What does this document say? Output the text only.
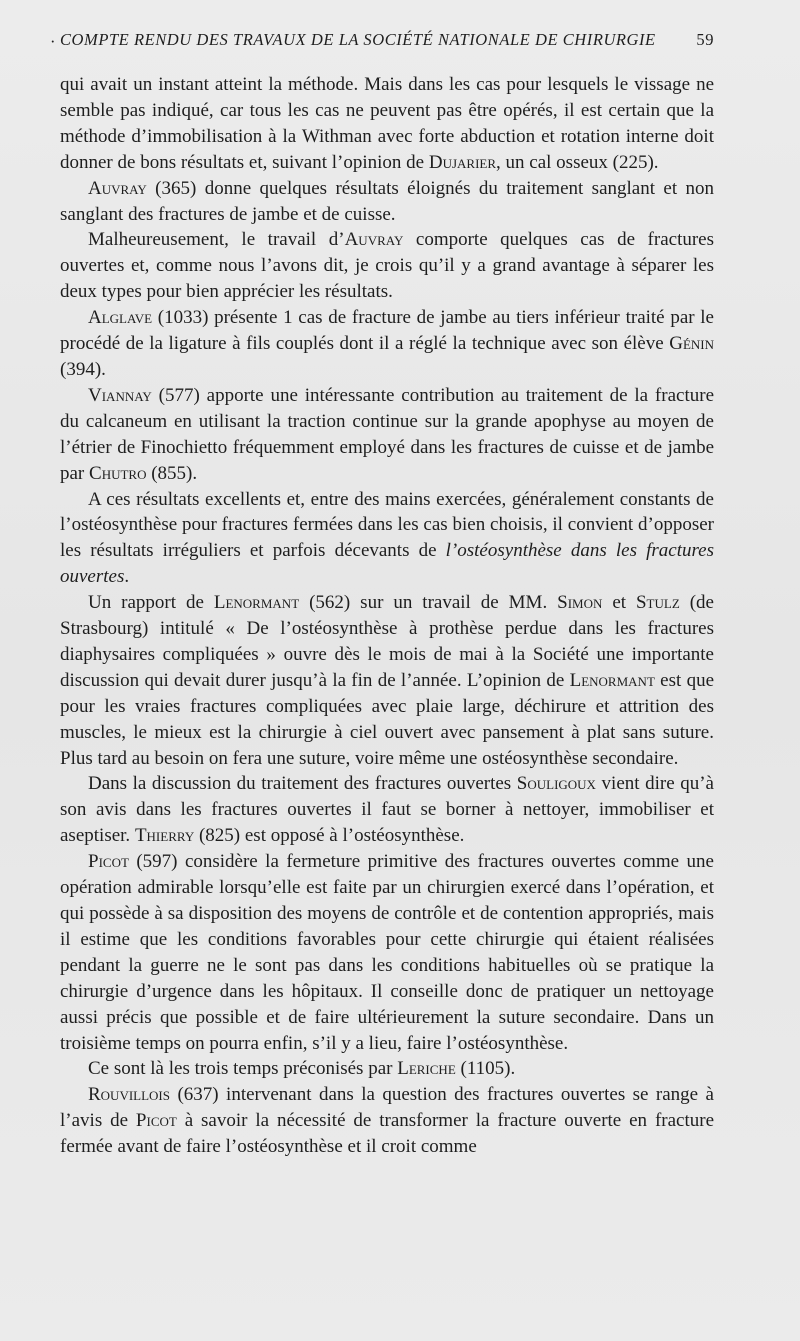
· COMPTE RENDU DES TRAVAUX DE LA SOCIÉTÉ NATIONALE DE CHIRURGIE 59

qui avait un instant atteint la méthode. Mais dans les cas pour lesquels le vissage ne semble pas indiqué, car tous les cas ne peuvent pas être opérés, il est certain que la méthode d’immobilisation à la Withman avec forte abduction et rotation interne doit donner de bons résultats et, suivant l’opinion de Dujarier, un cal osseux (225).

Auvray (365) donne quelques résultats éloignés du traitement sanglant et non sanglant des fractures de jambe et de cuisse.

Malheureusement, le travail d’Auvray comporte quelques cas de fractures ouvertes et, comme nous l’avons dit, je crois qu’il y a grand avantage à séparer les deux types pour bien apprécier les résultats.

Alglave (1033) présente 1 cas de fracture de jambe au tiers inférieur traité par le procédé de la ligature à fils couplés dont il a réglé la technique avec son élève Génin (394).

Viannay (577) apporte une intéressante contribution au traitement de la fracture du calcaneum en utilisant la traction continue sur la grande apophyse au moyen de l’étrier de Finochietto fréquemment employé dans les fractures de cuisse et de jambe par Chutro (855).

A ces résultats excellents et, entre des mains exercées, généralement constants de l’ostéosynthèse pour fractures fermées dans les cas bien choisis, il convient d’opposer les résultats irréguliers et parfois décevants de l’ostéosynthèse dans les fractures ouvertes.

Un rapport de Lenormant (562) sur un travail de MM. Simon et Stulz (de Strasbourg) intitulé « De l’ostéosynthèse à prothèse perdue dans les fractures diaphysaires compliquées » ouvre dès le mois de mai à la Société une importante discussion qui devait durer jusqu’à la fin de l’année. L’opinion de Lenormant est que pour les vraies fractures compliquées avec plaie large, déchirure et attrition des muscles, le mieux est la chirurgie à ciel ouvert avec pansement à plat sans suture. Plus tard au besoin on fera une suture, voire même une ostéosynthèse secondaire.

Dans la discussion du traitement des fractures ouvertes Souligoux vient dire qu’à son avis dans les fractures ouvertes il faut se borner à nettoyer, immobiliser et aseptiser. Thierry (825) est opposé à l’ostéosynthèse.

Picot (597) considère la fermeture primitive des fractures ouvertes comme une opération admirable lorsqu’elle est faite par un chirurgien exercé dans l’opération, et qui possède à sa disposition des moyens de contrôle et de contention appropriés, mais il estime que les conditions favorables pour cette chirurgie qui étaient réalisées pendant la guerre ne le sont pas dans les conditions habituelles où se pratique la chirurgie d’urgence dans les hôpitaux. Il conseille donc de pratiquer un nettoyage aussi précis que possible et de faire ultérieurement la suture secondaire. Dans un troisième temps on pourra enfin, s’il y a lieu, faire l’ostéosynthèse.

Ce sont là les trois temps préconisés par Leriche (1105).

Rouvillois (637) intervenant dans la question des fractures ouvertes se range à l’avis de Picot à savoir la nécessité de transformer la fracture ouverte en fracture fermée avant de faire l’ostéosynthèse et il croit comme
